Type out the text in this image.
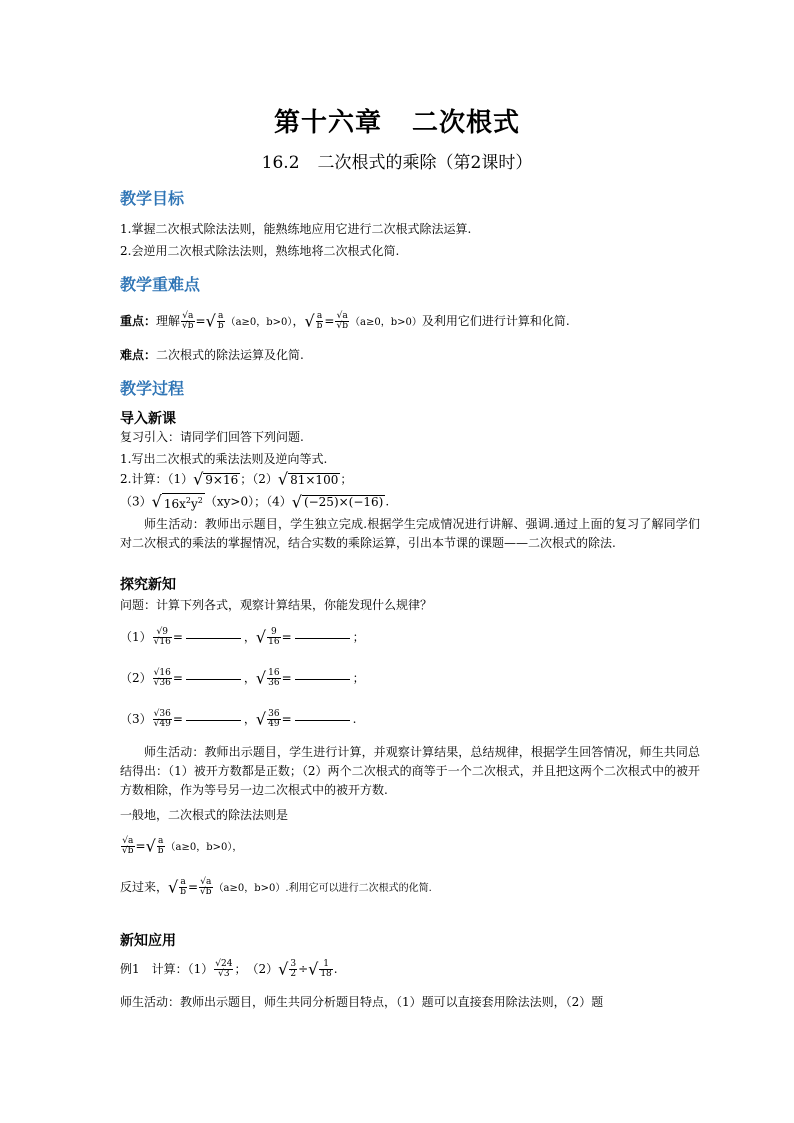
第十六章 二次根式
16.2 二次根式的乘除（第2课时）
教学目标
1.掌握二次根式除法法则，能熟练地应用它进行二次根式除法运算.
2.会逆用二次根式除法法则，熟练地将二次根式化简.
教学重难点
重点：理解 $\frac{√a}{√b}$ =√ $\frac{a}{b} (a\ge 0$，b>0），√ $\frac{a}{b} = \frac{√a}{√b} (a\ge 0$，b>0）及利用它们进行计算和化简.
难点：二次根式的除法运算及化简.
教学过程
导入新课
复习引入：请同学们回答下列问题.
1.写出二次根式的乘法法则及逆向等式.
2.计算：（1）√ 9×16 ；（2）√ 81×100 ；
（3）√ $16x^2y^2$ （xy>0）；（4）√ (−25)×(−16) .
师生活动：教师出示题目，学生独立完成.根据学生完成情况进行讲解、强调.通过上面的复习了解同学们对二次根式的乘法的掌握情况，结合实数的乘除运算，引出本节课的课题——二次根式的除法.
探究新知
问题：计算下列各式，观察计算结果，你能发现什么规律？
$(1) \frac{√9}{√16}$ =	，√ $\frac{9}{16}$ =	；
$(2) \frac{√16}{√36}$ =	，√ $\frac{16}{36}$ =	；
$(3) \frac{√36}{√49}$ =	，√ $\frac{36}{49}$ =	.
师生活动：教师出示题目，学生进行计算，并观察计算结果，总结规律，根据学生回答情况，师生共同总结得出：（1）被开方数都是正数；（2）两个二次根式的商等于一个二次根式，并且把这两个二次根式中的被开方数相除，作为等号另一边二次根式中的被开方数.
一般地，二次根式的除法法则是
$\frac{√a}{√b}$ =√ $\frac{a}{b} (a\ge 0$，b>0），
反过来，√ $\frac{a}{b} = \frac{√a}{√b} (a\ge 0$，b>0）.利用它可以进行二次根式的化简.
新知应用
例1　计算：$(1) \frac{√24}{√3}$ ；　$(2)√ \frac{3}{2}$ ÷√ $\frac{1}{18}$ .
师生活动：教师出示题目，师生共同分析题目特点，（1）题可以直接套用除法法则，（2）题
